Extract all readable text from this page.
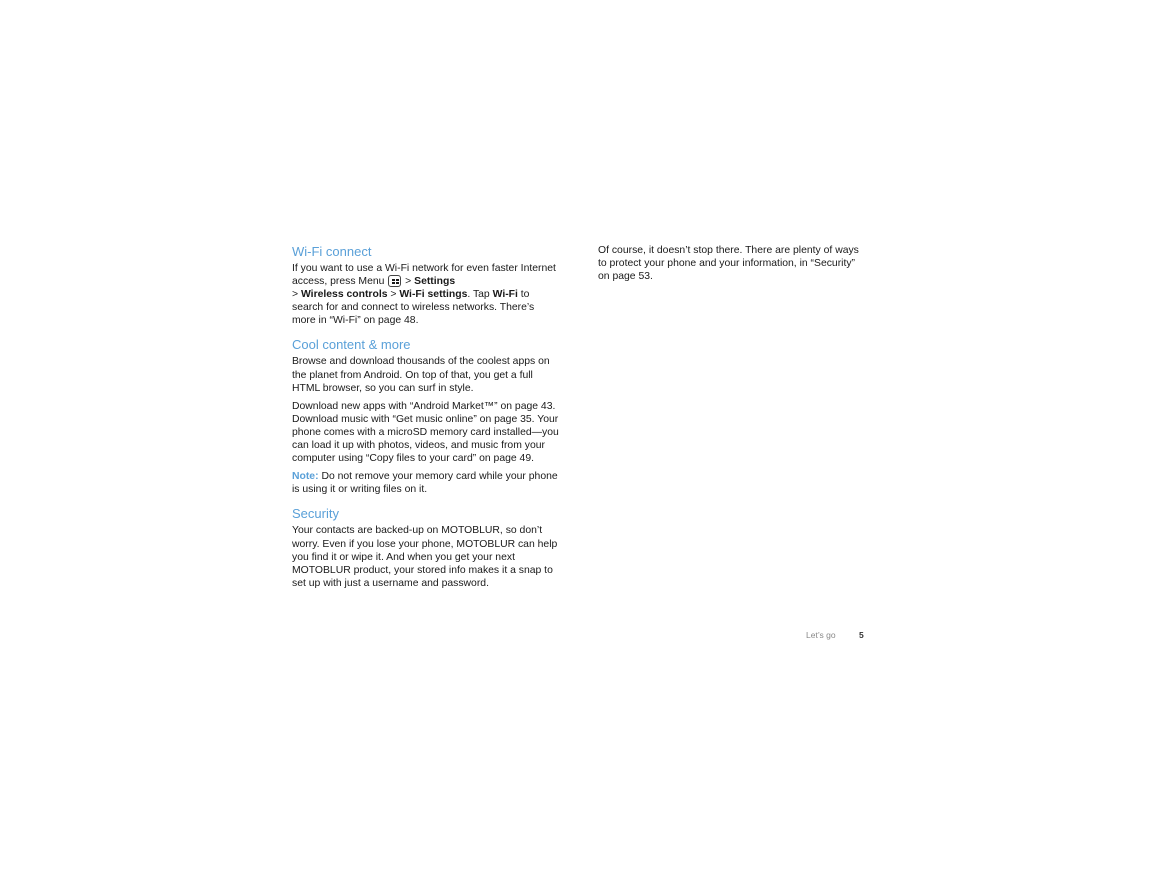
Wi-Fi connect

If you want to use a Wi-Fi network for even faster Internet access, press Menu
> Settings
> Wireless controls > Wi-Fi settings. Tap Wi-Fi to search for and connect to wireless networks. There’s more in “Wi-Fi” on page 48.

Cool content & more

Browse and download thousands of the coolest apps on the planet from Android. On top of that, you get a full HTML browser, so you can surf in style.

Download new apps with “Android Market™” on page 43. Download music with “Get music online” on page 35. Your phone comes with a microSD memory card installed—you can load it up with photos, videos, and music from your computer using “Copy files to your card” on page 49.

Note: Do not remove your memory card while your phone is using it or writing files on it.

Security

Your contacts are backed-up on MOTOBLUR, so don’t worry. Even if you lose your phone, MOTOBLUR can help you find it or wipe it. And when you get your next MOTOBLUR product, your stored info makes it a snap to set up with just a username and password.

Of course, it doesn’t stop there. There are plenty of ways to protect your phone and your information, in “Security” on page 53.

Let’s go	5
